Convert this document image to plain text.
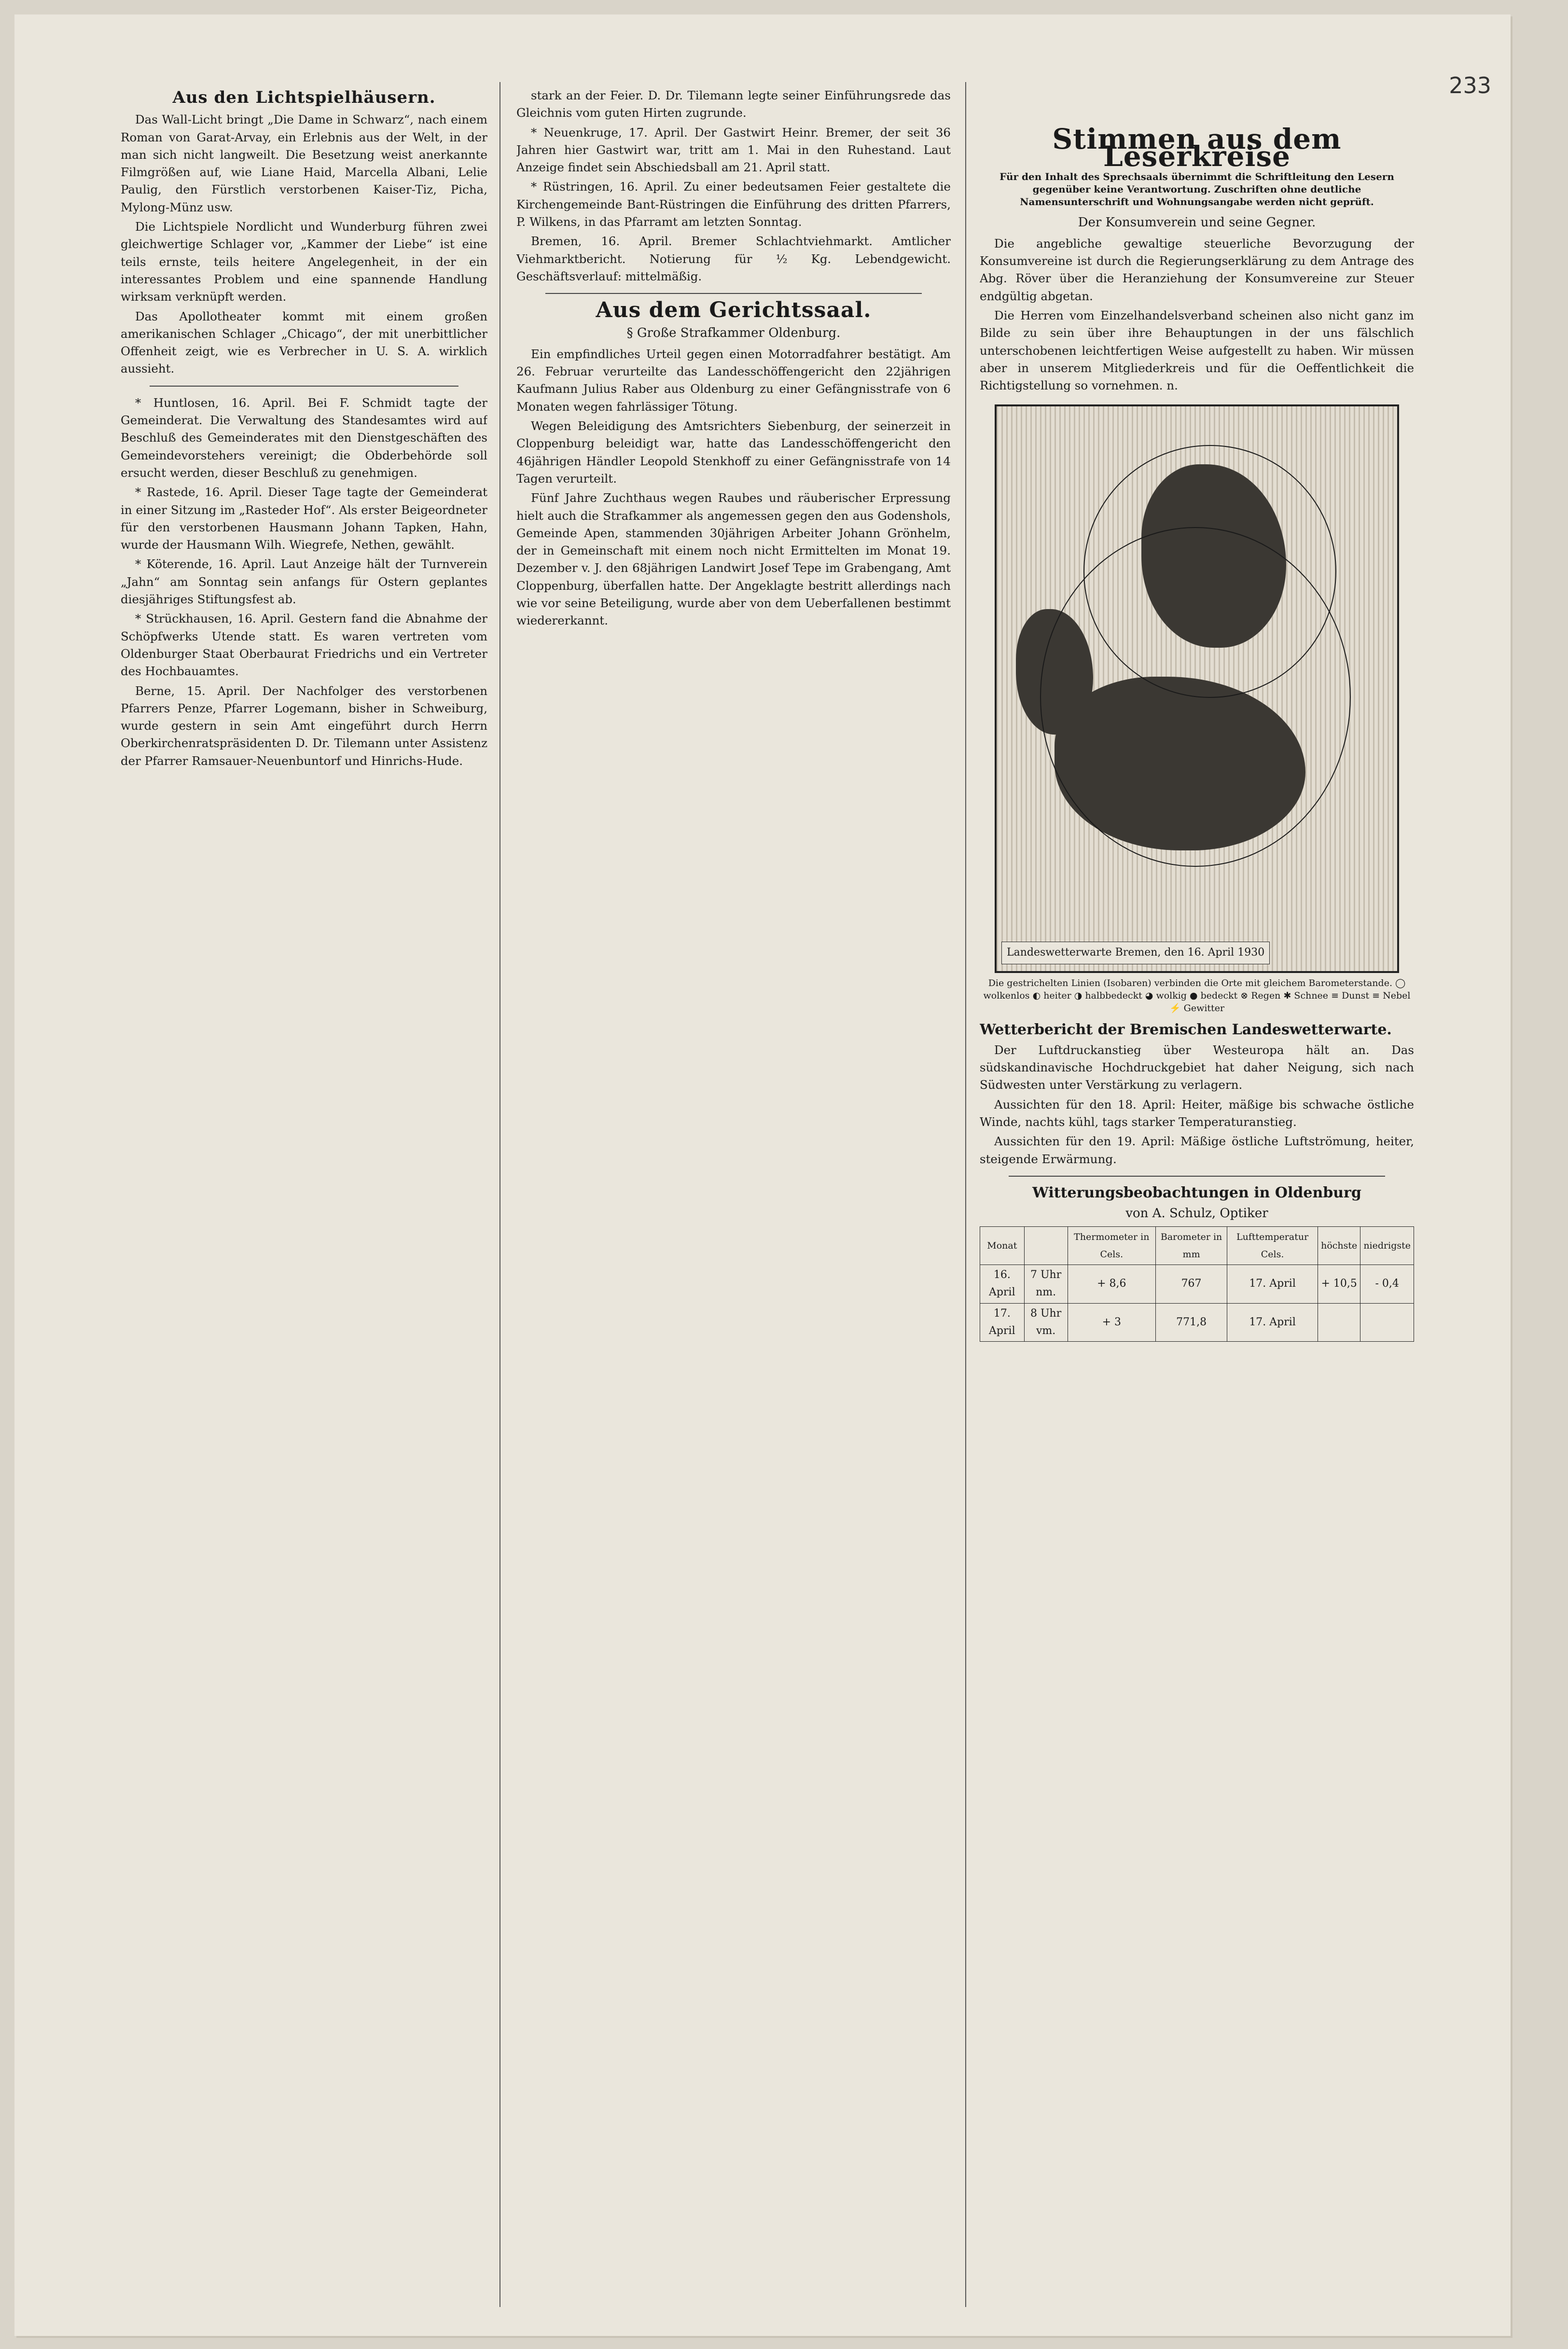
233
Aus den Lichtspielhäusern.

Das Wall-Licht bringt „Die Dame in Schwarz“, nach einem Roman von Garat-Arvay, ein Erlebnis aus der Welt, in der man sich nicht langweilt. Die Besetzung weist anerkannte Filmgrößen auf, wie Liane Haid, Marcella Albani, Lelie Paulig, den Fürstlich verstorbenen Kaiser-Tiz, Picha, Mylong-Münz usw.

Die Lichtspiele Nordlicht und Wunderburg führen zwei gleichwertige Schlager vor, „Kammer der Liebe“ ist eine teils ernste, teils heitere Angelegenheit, in der ein interessantes Problem und eine spannende Handlung wirksam verknüpft werden.

Das Apollotheater kommt mit einem großen amerikanischen Schlager „Chicago“, der mit unerbittlicher Offenheit zeigt, wie es Verbrecher in U. S. A. wirklich aussieht.

* Huntlosen, 16. April. Bei F. Schmidt tagte der Gemeinderat. Die Verwaltung des Standesamtes wird auf Beschluß des Gemeinderates mit den Dienstgeschäften des Gemeindevorstehers vereinigt; die Obderbehörde soll ersucht werden, dieser Beschluß zu genehmigen.

* Rastede, 16. April. Dieser Tage tagte der Gemeinderat in einer Sitzung im „Rasteder Hof“. Als erster Beigeordneter für den verstorbenen Hausmann Johann Tapken, Hahn, wurde der Hausmann Wilh. Wiegrefe, Nethen, gewählt.

* Köterende, 16. April. Laut Anzeige hält der Turnverein „Jahn“ am Sonntag sein anfangs für Ostern geplantes diesjähriges Stiftungsfest ab.

* Strückhausen, 16. April. Gestern fand die Abnahme der Schöpfwerks Utende statt. Es waren vertreten vom Oldenburger Staat Oberbaurat Friedrichs und ein Vertreter des Hochbauamtes.

Berne, 15. April. Der Nachfolger des verstorbenen Pfarrers Penze, Pfarrer Logemann, bisher in Schweiburg, wurde gestern in sein Amt eingeführt durch Herrn Oberkirchenratspräsidenten D. Dr. Tilemann unter Assistenz der Pfarrer Ramsauer-Neuenbuntorf und Hinrichs-Hude.

stark an der Feier. D. Dr. Tilemann legte seiner Einführungsrede das Gleichnis vom guten Hirten zugrunde.

* Neuenkruge, 17. April. Der Gastwirt Heinr. Bremer, der seit 36 Jahren hier Gastwirt war, tritt am 1. Mai in den Ruhestand. Laut Anzeige findet sein Abschiedsball am 21. April statt.

* Rüstringen, 16. April. Zu einer bedeutsamen Feier gestaltete die Kirchengemeinde Bant-Rüstringen die Einführung des dritten Pfarrers, P. Wilkens, in das Pfarramt am letzten Sonntag.

Bremen, 16. April. Bremer Schlachtviehmarkt. Amtlicher Viehmarktbericht. Notierung für ½ Kg. Lebendgewicht. Geschäftsverlauf: mittelmäßig.

Aus dem Gerichtssaal.
§ Große Strafkammer Oldenburg.

Ein empfindliches Urteil gegen einen Motorradfahrer bestätigt. Am 26. Februar verurteilte das Landesschöffengericht den 22jährigen Kaufmann Julius Raber aus Oldenburg zu einer Gefängnisstrafe von 6 Monaten wegen fahrlässiger Tötung.

Wegen Beleidigung des Amtsrichters Siebenburg, der seinerzeit in Cloppenburg beleidigt war, hatte das Landesschöffengericht den 46jährigen Händler Leopold Stenkhoff zu einer Gefängnisstrafe von 14 Tagen verurteilt.

Fünf Jahre Zuchthaus wegen Raubes und räuberischer Erpressung hielt auch die Strafkammer als angemessen gegen den aus Godenshols, Gemeinde Apen, stammenden 30jährigen Arbeiter Johann Grönhelm, der in Gemeinschaft mit einem noch nicht Ermittelten im Monat 19. Dezember v. J. den 68jährigen Landwirt Josef Tepe im Grabengang, Amt Cloppenburg, überfallen hatte. Der Angeklagte bestritt allerdings nach wie vor seine Beteiligung, wurde aber von dem Ueberfallenen bestimmt wiedererkannt.

Stimmen aus dem Leserkreise
Für den Inhalt des Sprechsaals übernimmt die Schriftleitung den Lesern gegenüber keine Verantwortung. Zuschriften ohne deutliche Namensunterschrift und Wohnungsangabe werden nicht geprüft.
Der Konsumverein und seine Gegner.

Die angebliche gewaltige steuerliche Bevorzugung der Konsumvereine ist durch die Regierungserklärung zu dem Antrage des Abg. Röver über die Heranziehung der Konsumvereine zur Steuer endgültig abgetan.

Die Herren vom Einzelhandelsverband scheinen also nicht ganz im Bilde zu sein über ihre Behauptungen in der uns fälschlich unterschobenen leichtfertigen Weise aufgestellt zu haben. Wir müssen aber in unserem Mitgliederkreis und für die Oeffentlichkeit die Richtigstellung so vornehmen. n.

Landeswetterwarte Bremen, den 16. April 1930
Die gestrichelten Linien (Isobaren) verbinden die Orte mit gleichem Barometerstande. ◯ wolkenlos ◐ heiter ◑ halbbedeckt ◕ wolkig ● bedeckt ⊗ Regen ✱ Schnee ≡ Dunst ≡ Nebel ⚡ Gewitter
Wetterbericht der Bremischen Landeswetterwarte.

Der Luftdruckanstieg über Westeuropa hält an. Das südskandinavische Hochdruckgebiet hat daher Neigung, sich nach Südwesten unter Verstärkung zu verlagern.

Aussichten für den 18. April: Heiter, mäßige bis schwache östliche Winde, nachts kühl, tags starker Temperaturanstieg.

Aussichten für den 19. April: Mäßige östliche Luftströmung, heiter, steigende Erwärmung.

Witterungsbeobachtungen in Oldenburg
von A. Schulz, Optiker
Monat		Thermometer in Cels.	Barometer in mm	Lufttemperatur Cels.	höchste	niedrigste
16. April	7 Uhr nm.	+ 8,6	767	17. April	+ 10,5	- 0,4
17. April	8 Uhr vm.	+ 3	771,8	17. April		
